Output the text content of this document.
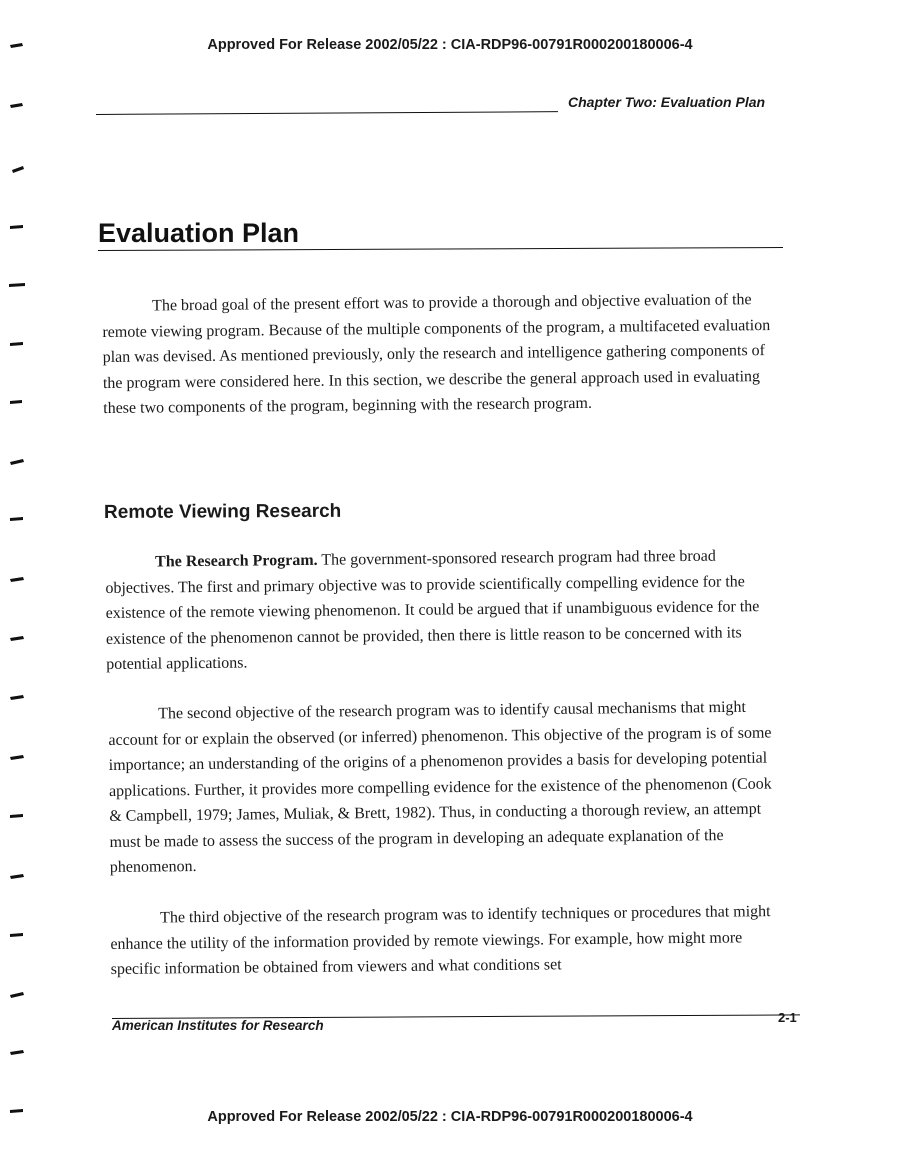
Approved For Release 2002/05/22 : CIA-RDP96-00791R000200180006-4
Chapter Two: Evaluation Plan
Evaluation Plan

The broad goal of the present effort was to provide a thorough and objective evaluation of the remote viewing program. Because of the multiple components of the program, a multifaceted evaluation plan was devised. As mentioned previously, only the research and intelligence gathering components of the program were considered here. In this section, we describe the general approach used in evaluating these two components of the program, beginning with the research program.

Remote Viewing Research

The Research Program. The government-sponsored research program had three broad objectives. The first and primary objective was to provide scientifically compelling evidence for the existence of the remote viewing phenomenon. It could be argued that if unambiguous evidence for the existence of the phenomenon cannot be provided, then there is little reason to be concerned with its potential applications.

The second objective of the research program was to identify causal mechanisms that might account for or explain the observed (or inferred) phenomenon. This objective of the program is of some importance; an understanding of the origins of a phenomenon provides a basis for developing potential applications. Further, it provides more compelling evidence for the existence of the phenomenon (Cook & Campbell, 1979; James, Muliak, & Brett, 1982). Thus, in conducting a thorough review, an attempt must be made to assess the success of the program in developing an adequate explanation of the phenomenon.

The third objective of the research program was to identify techniques or procedures that might enhance the utility of the information provided by remote viewings. For example, how might more specific information be obtained from viewers and what conditions set

American Institutes for Research
2-1
Approved For Release 2002/05/22 : CIA-RDP96-00791R000200180006-4
